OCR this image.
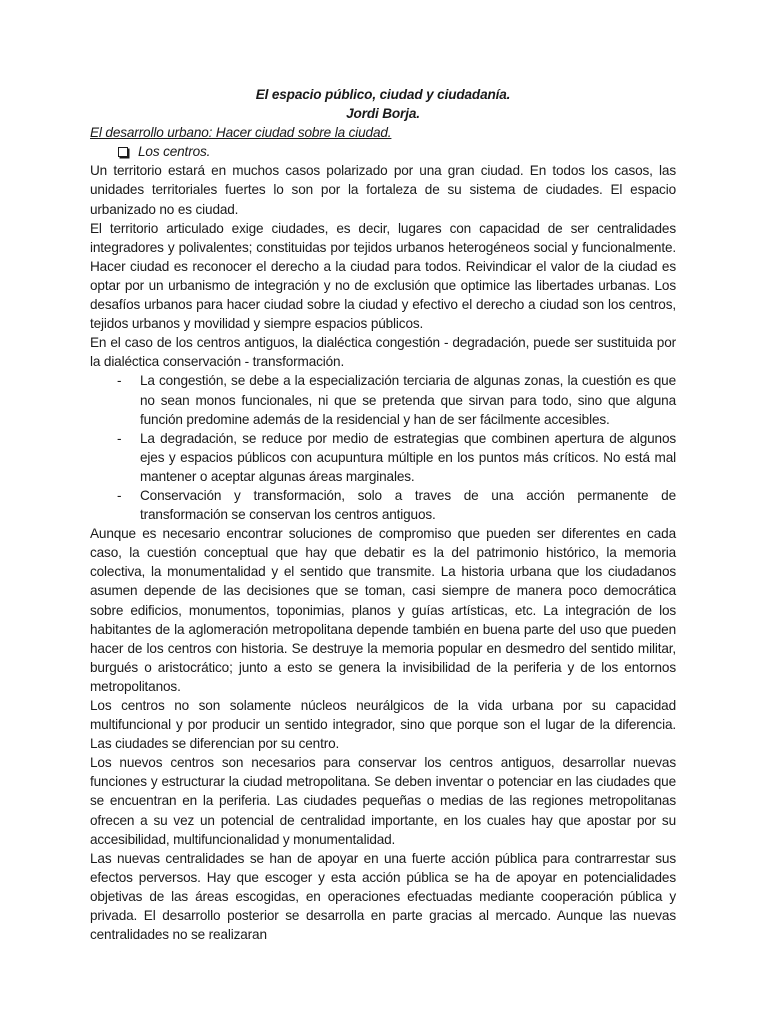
El espacio público, ciudad y ciudadanía.

Jordi Borja.

El desarrollo urbano: Hacer ciudad sobre la ciudad.

Los centros.

Un territorio estará en muchos casos polarizado por una gran ciudad. En todos los casos, las unidades territoriales fuertes lo son por la fortaleza de su sistema de ciudades. El espacio urbanizado no es ciudad.

El territorio articulado exige ciudades, es decir, lugares con capacidad de ser centralidades integradores y polivalentes; constituidas por tejidos urbanos heterogéneos social y funcionalmente. Hacer ciudad es reconocer el derecho a la ciudad para todos. Reivindicar el valor de la ciudad es optar por un urbanismo de integración y no de exclusión que optimice las libertades urbanas. Los desafíos urbanos para hacer ciudad sobre la ciudad y efectivo el derecho a ciudad son los centros, tejidos urbanos y movilidad y siempre espacios públicos.

En el caso de los centros antiguos, la dialéctica congestión - degradación, puede ser sustituida por la dialéctica conservación - transformación.

- La congestión, se debe a la especialización terciaria de algunas zonas, la cuestión es que no sean monos funcionales, ni que se pretenda que sirvan para todo, sino que alguna función predomine además de la residencial y han de ser fácilmente accesibles.
- La degradación, se reduce por medio de estrategias que combinen apertura de algunos ejes y espacios públicos con acupuntura múltiple en los puntos más críticos. No está mal mantener o aceptar algunas áreas marginales.
- Conservación y transformación, solo a traves de una acción permanente de transformación se conservan los centros antiguos.

Aunque es necesario encontrar soluciones de compromiso que pueden ser diferentes en cada caso, la cuestión conceptual que hay que debatir es la del patrimonio histórico, la memoria colectiva, la monumentalidad y el sentido que transmite. La historia urbana que los ciudadanos asumen depende de las decisiones que se toman, casi siempre de manera poco democrática sobre edificios, monumentos, toponimias, planos y guías artísticas, etc. La integración de los habitantes de la aglomeración metropolitana depende también en buena parte del uso que pueden hacer de los centros con historia. Se destruye la memoria popular en desmedro del sentido militar, burgués o aristocrático; junto a esto se genera la invisibilidad de la periferia y de los entornos metropolitanos.

Los centros no son solamente núcleos neurálgicos de la vida urbana por su capacidad multifuncional y por producir un sentido integrador, sino que porque son el lugar de la diferencia. Las ciudades se diferencian por su centro.

Los nuevos centros son necesarios para conservar los centros antiguos, desarrollar nuevas funciones y estructurar la ciudad metropolitana. Se deben inventar o potenciar en las ciudades que se encuentran en la periferia. Las ciudades pequeñas o medias de las regiones metropolitanas ofrecen a su vez un potencial de centralidad importante, en los cuales hay que apostar por su accesibilidad, multifuncionalidad y monumentalidad.

Las nuevas centralidades se han de apoyar en una fuerte acción pública para contrarrestar sus efectos perversos. Hay que escoger y esta acción pública se ha de apoyar en potencialidades objetivas de las áreas escogidas, en operaciones efectuadas mediante cooperación pública y privada. El desarrollo posterior se desarrolla en parte gracias al mercado. Aunque las nuevas centralidades no se realizaran
